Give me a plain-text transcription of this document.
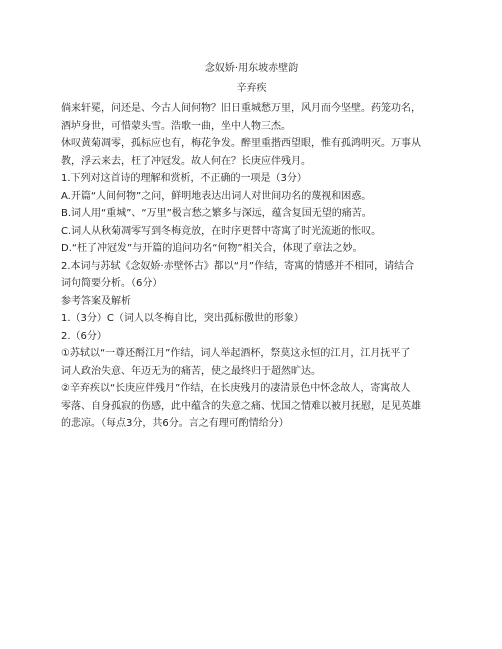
念奴娇·用东坡赤壁韵

辛弃疾

倘来轩冕，问还是、今古人间何物？旧日重城愁万里，风月而今坚壁。药笼功名，

酒垆身世，可惜蒙头雪。浩歌一曲，坐中人物三杰。

休叹黄菊凋零，孤标应也有，梅花争发。醉里重揩西望眼，惟有孤鸿明灭。万事从

教，浮云来去，枉了冲冠发。故人何在？长庚应伴残月。

1.下列对这首诗的理解和赏析，不正确的一项是（3分）

A.开篇“人间何物”之问，鲜明地表达出词人对世间功名的蔑视和困惑。

B.词人用“重城”、“万里”极言愁之繁多与深远，蕴含复国无望的痛苦。

C.词人从秋菊凋零写到冬梅竞放，在时序更替中寄寓了时光流逝的怅叹。

D.“枉了冲冠发”与开篇的追问功名“何物”相关合，体现了章法之妙。

2.本词与苏轼《念奴娇·赤壁怀古》都以“月”作结，寄寓的情感并不相同，请结合

词句简要分析。（6分）

参考答案及解析

1.（3分）C（词人以冬梅自比，突出孤标傲世的形象）

2.（6分）

①苏轼以“一尊还酹江月”作结，词人举起酒杯，祭莫这永恒的江月，江月抚平了

词人政治失意、年迈无为的痛苦，使之最终归于超然旷达。

②辛弃疾以“长庚应伴残月”作结，在长庚残月的凄清景色中怀念故人，寄寓故人

零落、自身孤寂的伤感，此中蕴含的失意之痛、忧国之情难以被月抚慰，足见英雄

的悲凉。（每点3分，共6分。言之有理可酌情给分）
